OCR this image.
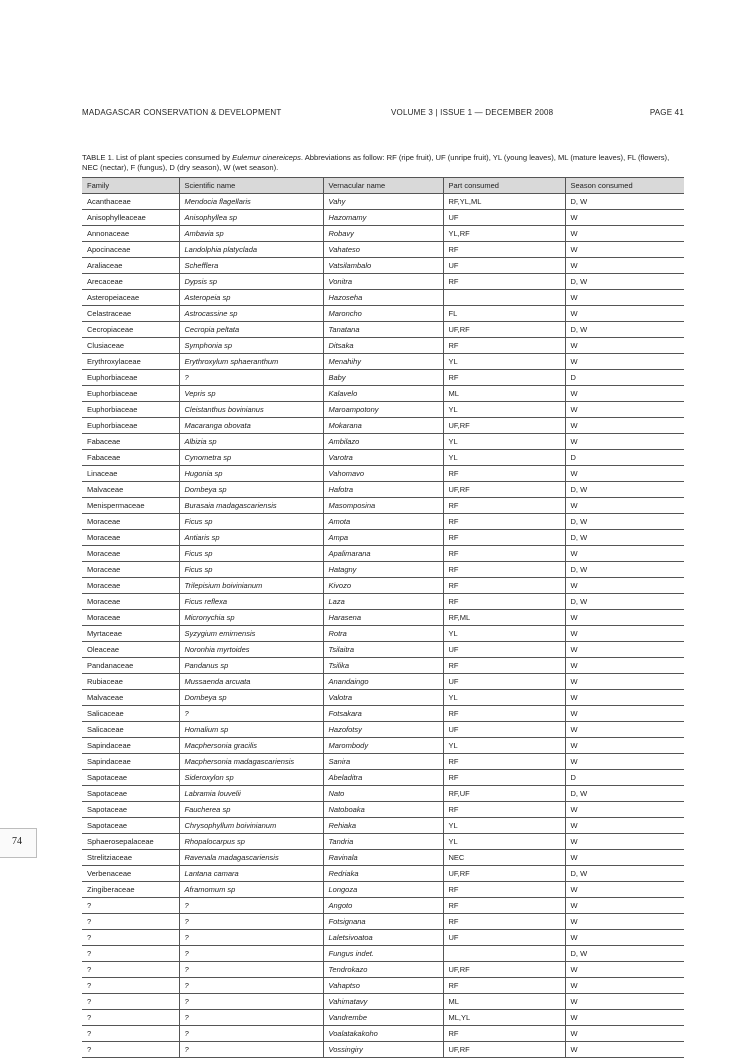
MADAGASCAR CONSERVATION & DEVELOPMENT	VOLUME 3 | ISSUE 1 — DECEMBER 2008	PAGE 41
TABLE 1. List of plant species consumed by Eulemur cinereiceps. Abbreviations as follow: RF (ripe fruit), UF (unripe fruit), YL (young leaves), ML (mature leaves), FL (flowers), NEC (nectar), F (fungus), D (dry season), W (wet season).
Family	Scientific name	Vernacular name	Part consumed	Season consumed
Acanthaceae	Mendocia flagellaris	Vahy	RF,YL,ML	D, W
Anisophylleaceae	Anisophyllea sp	Hazomamy	UF	W
Annonaceae	Ambavia sp	Robavy	YL,RF	W
Apocinaceae	Landolphia platyclada	Vahateso	RF	W
Araliaceae	Schefflera	Vatsilambalo	UF	W
Arecaceae	Dypsis sp	Vonitra	RF	D, W
Asteropeiaceae	Asteropeia sp	Hazoseha		W
Celastraceae	Astrocassine sp	Maroncho	FL	W
Cecropiaceae	Cecropia peltata	Tanatana	UF,RF	D, W
Clusiaceae	Symphonia sp	Ditsaka	RF	W
Erythroxylaceae	Erythroxylum sphaeranthum	Menahihy	YL	W
Euphorbiaceae	?	Baby	RF	D
Euphorbiaceae	Vepris sp	Kalavelo	ML	W
Euphorbiaceae	Cleistanthus bovinianus	Maroampotony	YL	W
Euphorbiaceae	Macaranga obovata	Mokarana	UF,RF	W
Fabaceae	Albizia sp	Ambilazo	YL	W
Fabaceae	Cynometra sp	Varotra	YL	D
Linaceae	Hugonia sp	Vahomavo	RF	W
Malvaceae	Dombeya sp	Hafotra	UF,RF	D, W
Menispermaceae	Burasaia madagascariensis	Masomposina	RF	W
Moraceae	Ficus sp	Amota	RF	D, W
Moraceae	Antiaris sp	Ampa	RF	D, W
Moraceae	Ficus sp	Apalimarana	RF	W
Moraceae	Ficus sp	Hatagny	RF	D, W
Moraceae	Trilepisium boivinianum	Kivozo	RF	W
Moraceae	Ficus reflexa	Laza	RF	D, W
Moraceae	Micronychia sp	Harasena	RF,ML	W
Myrtaceae	Syzygium emirnensis	Rotra	YL	W
Oleaceae	Noronhia myrtoides	Tsilaitra	UF	W
Pandanaceae	Pandanus sp	Tsilika	RF	W
Rubiaceae	Mussaenda arcuata	Anandaingo	UF	W
Malvaceae	Dombeya sp	Valotra	YL	W
Salicaceae	?	Fotsakara	RF	W
Salicaceae	Homalium sp	Hazofotsy	UF	W
Sapindaceae	Macphersonia gracilis	Marombody	YL	W
Sapindaceae	Macphersonia madagascariensis	Sanira	RF	W
Sapotaceae	Sideroxylon sp	Abeladitra	RF	D
Sapotaceae	Labramia louvelii	Nato	RF,UF	D, W
Sapotaceae	Faucherea sp	Natoboaka	RF	W
Sapotaceae	Chrysophyllum boivinianum	Rehiaka	YL	W
Sphaerosepalaceae	Rhopalocarpus sp	Tandria	YL	W
Strelitziaceae	Ravenala madagascariensis	Ravinala	NEC	W
Verbenaceae	Lantana camara	Redriaka	UF,RF	D, W
Zingiberaceae	Aframomum sp	Longoza	RF	W
?	?	Angoto	RF	W
?	?	Fotsignana	RF	W
?	?	Laletsivoatoa	UF	W
?	?	Fungus indet.		D, W
?	?	Tendrokazo	UF,RF	W
?	?	Vahaptso	RF	W
?	?	Vahimatavy	ML	W
?	?	Vandrembe	ML,YL	W
?	?	Voalatakakoho	RF	W
?	?	Vossingiry	UF,RF	W
74
